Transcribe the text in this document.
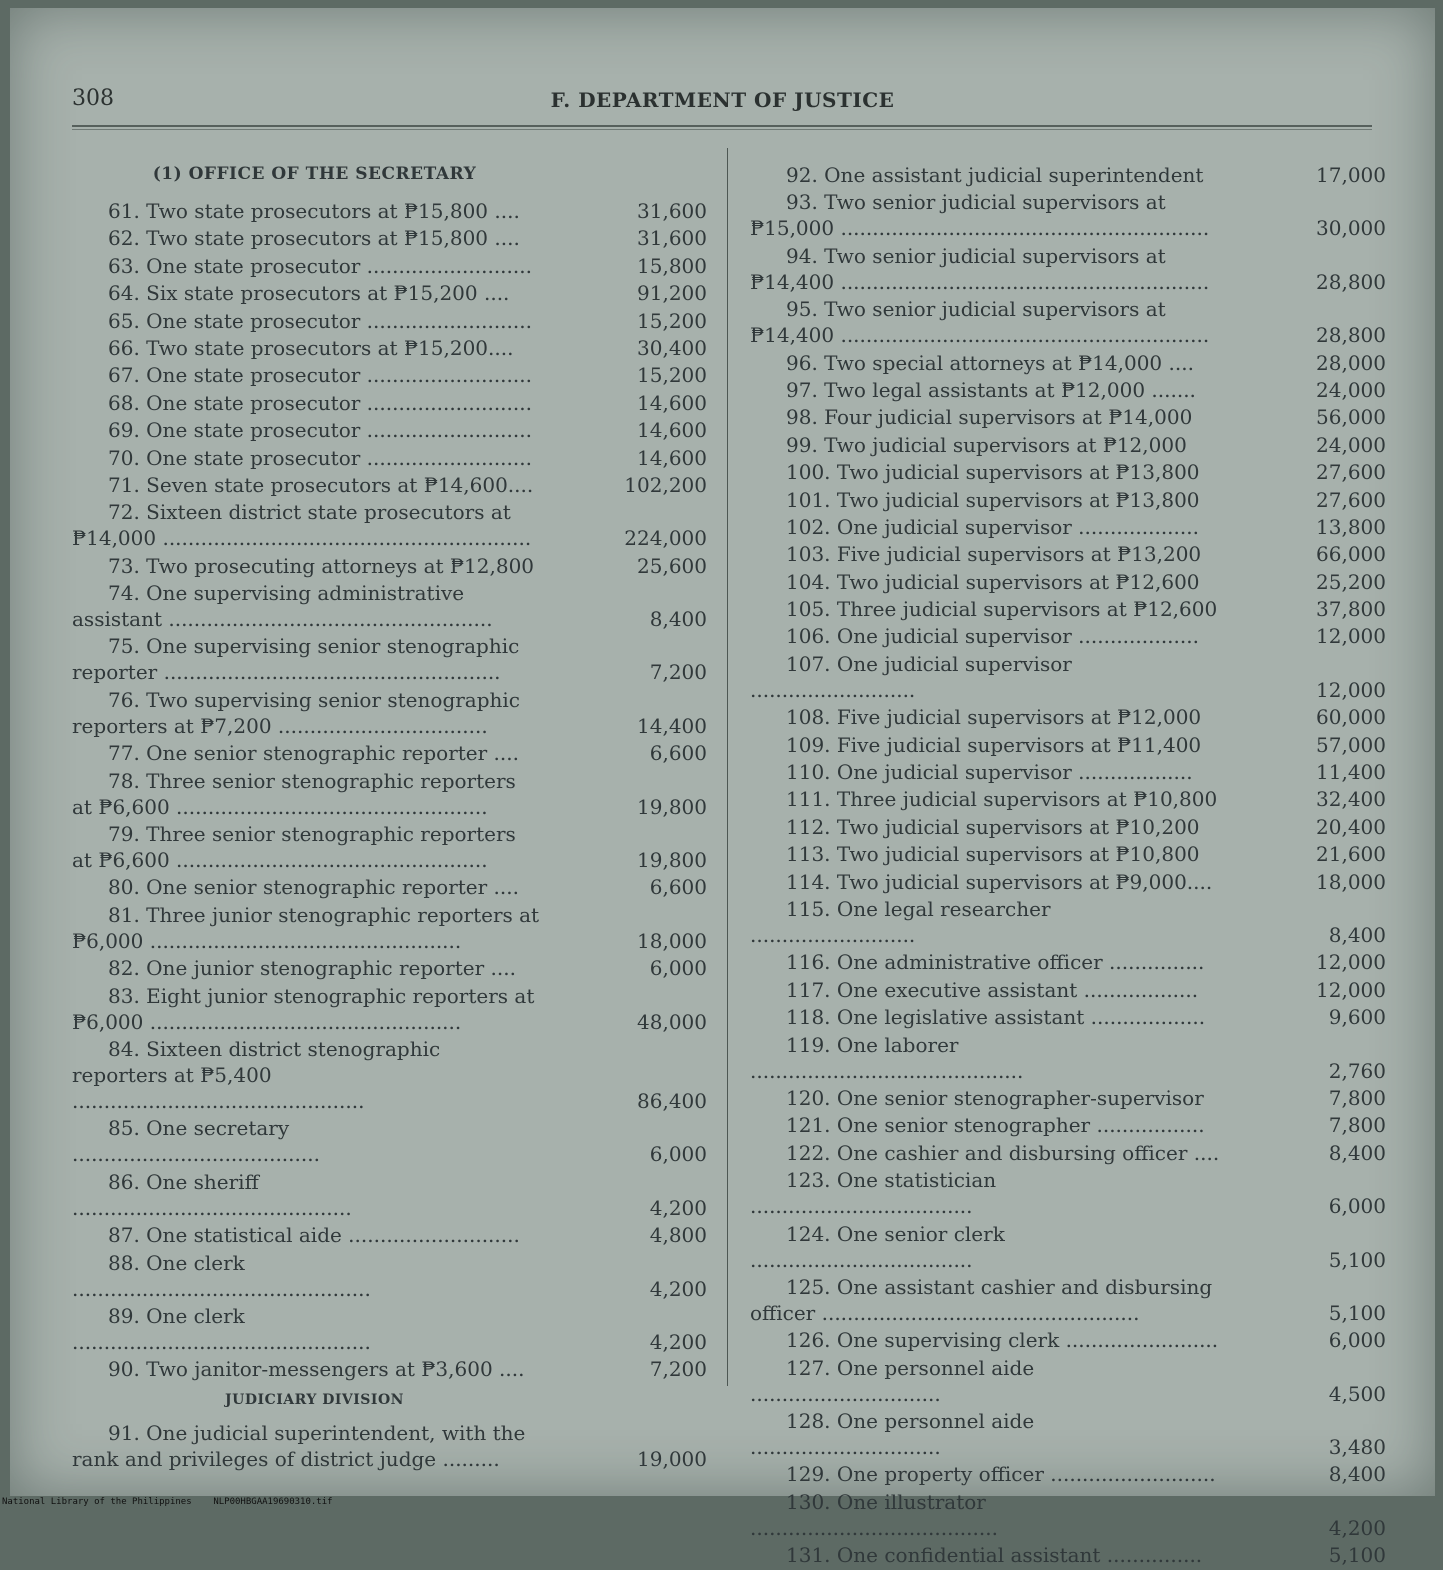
308	F. DEPARTMENT OF JUSTICE
(1) OFFICE OF THE SECRETARY
61. Two state prosecutors at ₱15,800 ....	31,600
62. Two state prosecutors at ₱15,800 ....	31,600
63. One state prosecutor ..........................	15,800
64. Six state prosecutors at ₱15,200 ....	91,200
65. One state prosecutor ..........................	15,200
66. Two state prosecutors at ₱15,200....	30,400
67. One state prosecutor ..........................	15,200
68. One state prosecutor ..........................	14,600
69. One state prosecutor ..........................	14,600
70. One state prosecutor ..........................	14,600
71. Seven state prosecutors at ₱14,600....	102,200
72. Sixteen district state prosecutors at ₱14,000 ..........................................................	224,000
73. Two prosecuting attorneys at ₱12,800	25,600
74. One supervising administrative assistant ...................................................	8,400
75. One supervising senior stenographic reporter .....................................................	7,200
76. Two supervising senior stenographic reporters at ₱7,200 .................................	14,400
77. One senior stenographic reporter ....	6,600
78. Three senior stenographic reporters at ₱6,600 .................................................	19,800
79. Three senior stenographic reporters at ₱6,600 .................................................	19,800
80. One senior stenographic reporter ....	6,600
81. Three junior stenographic reporters at ₱6,000 .................................................	18,000
82. One junior stenographic reporter ....	6,000
83. Eight junior stenographic reporters at ₱6,000 .................................................	48,000
84. Sixteen district stenographic reporters at ₱5,400 ..............................................	86,400
85. One secretary .......................................	6,000
86. One sheriff ............................................	4,200
87. One statistical aide ...........................	4,800
88. One clerk ...............................................	4,200
89. One clerk ...............................................	4,200
90. Two janitor-messengers at ₱3,600 ....	7,200
JUDICIARY DIVISION
91. One judicial superintendent, with the rank and privileges of district judge .........	19,000
92. One assistant judicial superintendent	17,000
93. Two senior judicial supervisors at ₱15,000 ..........................................................	30,000
94. Two senior judicial supervisors at ₱14,400 ..........................................................	28,800
95. Two senior judicial supervisors at ₱14,400 ..........................................................	28,800
96. Two special attorneys at ₱14,000 ....	28,000
97. Two legal assistants at ₱12,000 .......	24,000
98. Four judicial supervisors at ₱14,000	56,000
99. Two judicial supervisors at ₱12,000	24,000
100. Two judicial supervisors at ₱13,800	27,600
101. Two judicial supervisors at ₱13,800	27,600
102. One judicial supervisor ...................	13,800
103. Five judicial supervisors at ₱13,200	66,000
104. Two judicial supervisors at ₱12,600	25,200
105. Three judicial supervisors at ₱12,600	37,800
106. One judicial supervisor ...................	12,000
107. One judicial supervisor ..........................	12,000
108. Five judicial supervisors at ₱12,000	60,000
109. Five judicial supervisors at ₱11,400	57,000
110. One judicial supervisor ..................	11,400
111. Three judicial supervisors at ₱10,800	32,400
112. Two judicial supervisors at ₱10,200	20,400
113. Two judicial supervisors at ₱10,800	21,600
114. Two judicial supervisors at ₱9,000....	18,000
115. One legal researcher ..........................	8,400
116. One administrative officer ...............	12,000
117. One executive assistant ..................	12,000
118. One legislative assistant ..................	9,600
119. One laborer ...........................................	2,760
120. One senior stenographer-supervisor	7,800
121. One senior stenographer .................	7,800
122. One cashier and disbursing officer ....	8,400
123. One statistician ...................................	6,000
124. One senior clerk ...................................	5,100
125. One assistant cashier and disbursing officer ..................................................	5,100
126. One supervising clerk ........................	6,000
127. One personnel aide ..............................	4,500
128. One personnel aide ..............................	3,480
129. One property officer ..........................	8,400
130. One illustrator .......................................	4,200
131. One confidential assistant ...............	5,100
National Library of the Philippines NLP00HBGAA19690310.tif
